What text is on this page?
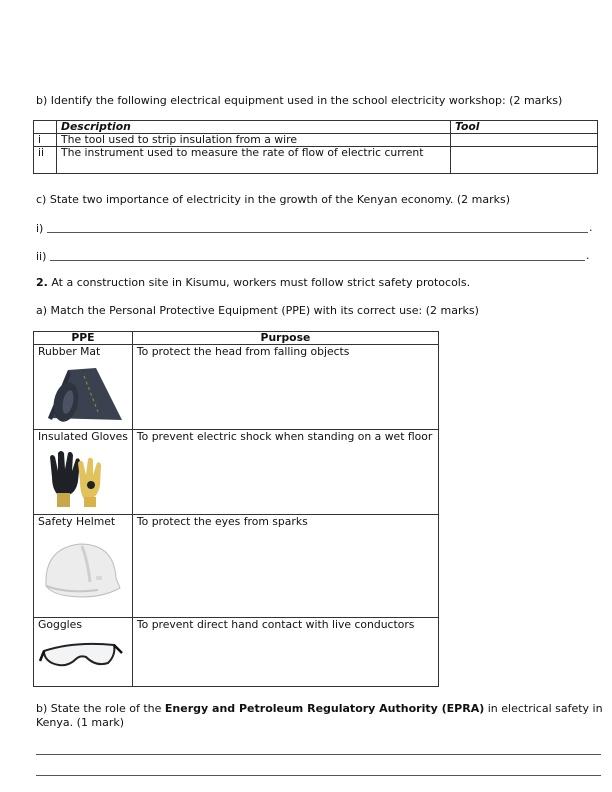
b) Identify the following electrical equipment used in the school electricity workshop: (2 marks)
	Description	Tool
i	The tool used to strip insulation from a wire	
ii	The instrument used to measure the rate of flow of electric current	
c) State two importance of electricity in the growth of the Kenyan economy. (2 marks)
i)	.
ii)	.
2. At a construction site in Kisumu, workers must follow strict safety protocols.
a) Match the Personal Protective Equipment (PPE) with its correct use: (2 marks)
PPE	Purpose

Rubber Mat	To protect the head from falling objects

Insulated Gloves	To prevent electric shock when standing on a wet floor

Safety Helmet	To protect the eyes from sparks

Goggles	To prevent direct hand contact with live conductors
b) State the role of the Energy and Petroleum Regulatory Authority (EPRA) in electrical safety in
Kenya. (1 mark)
